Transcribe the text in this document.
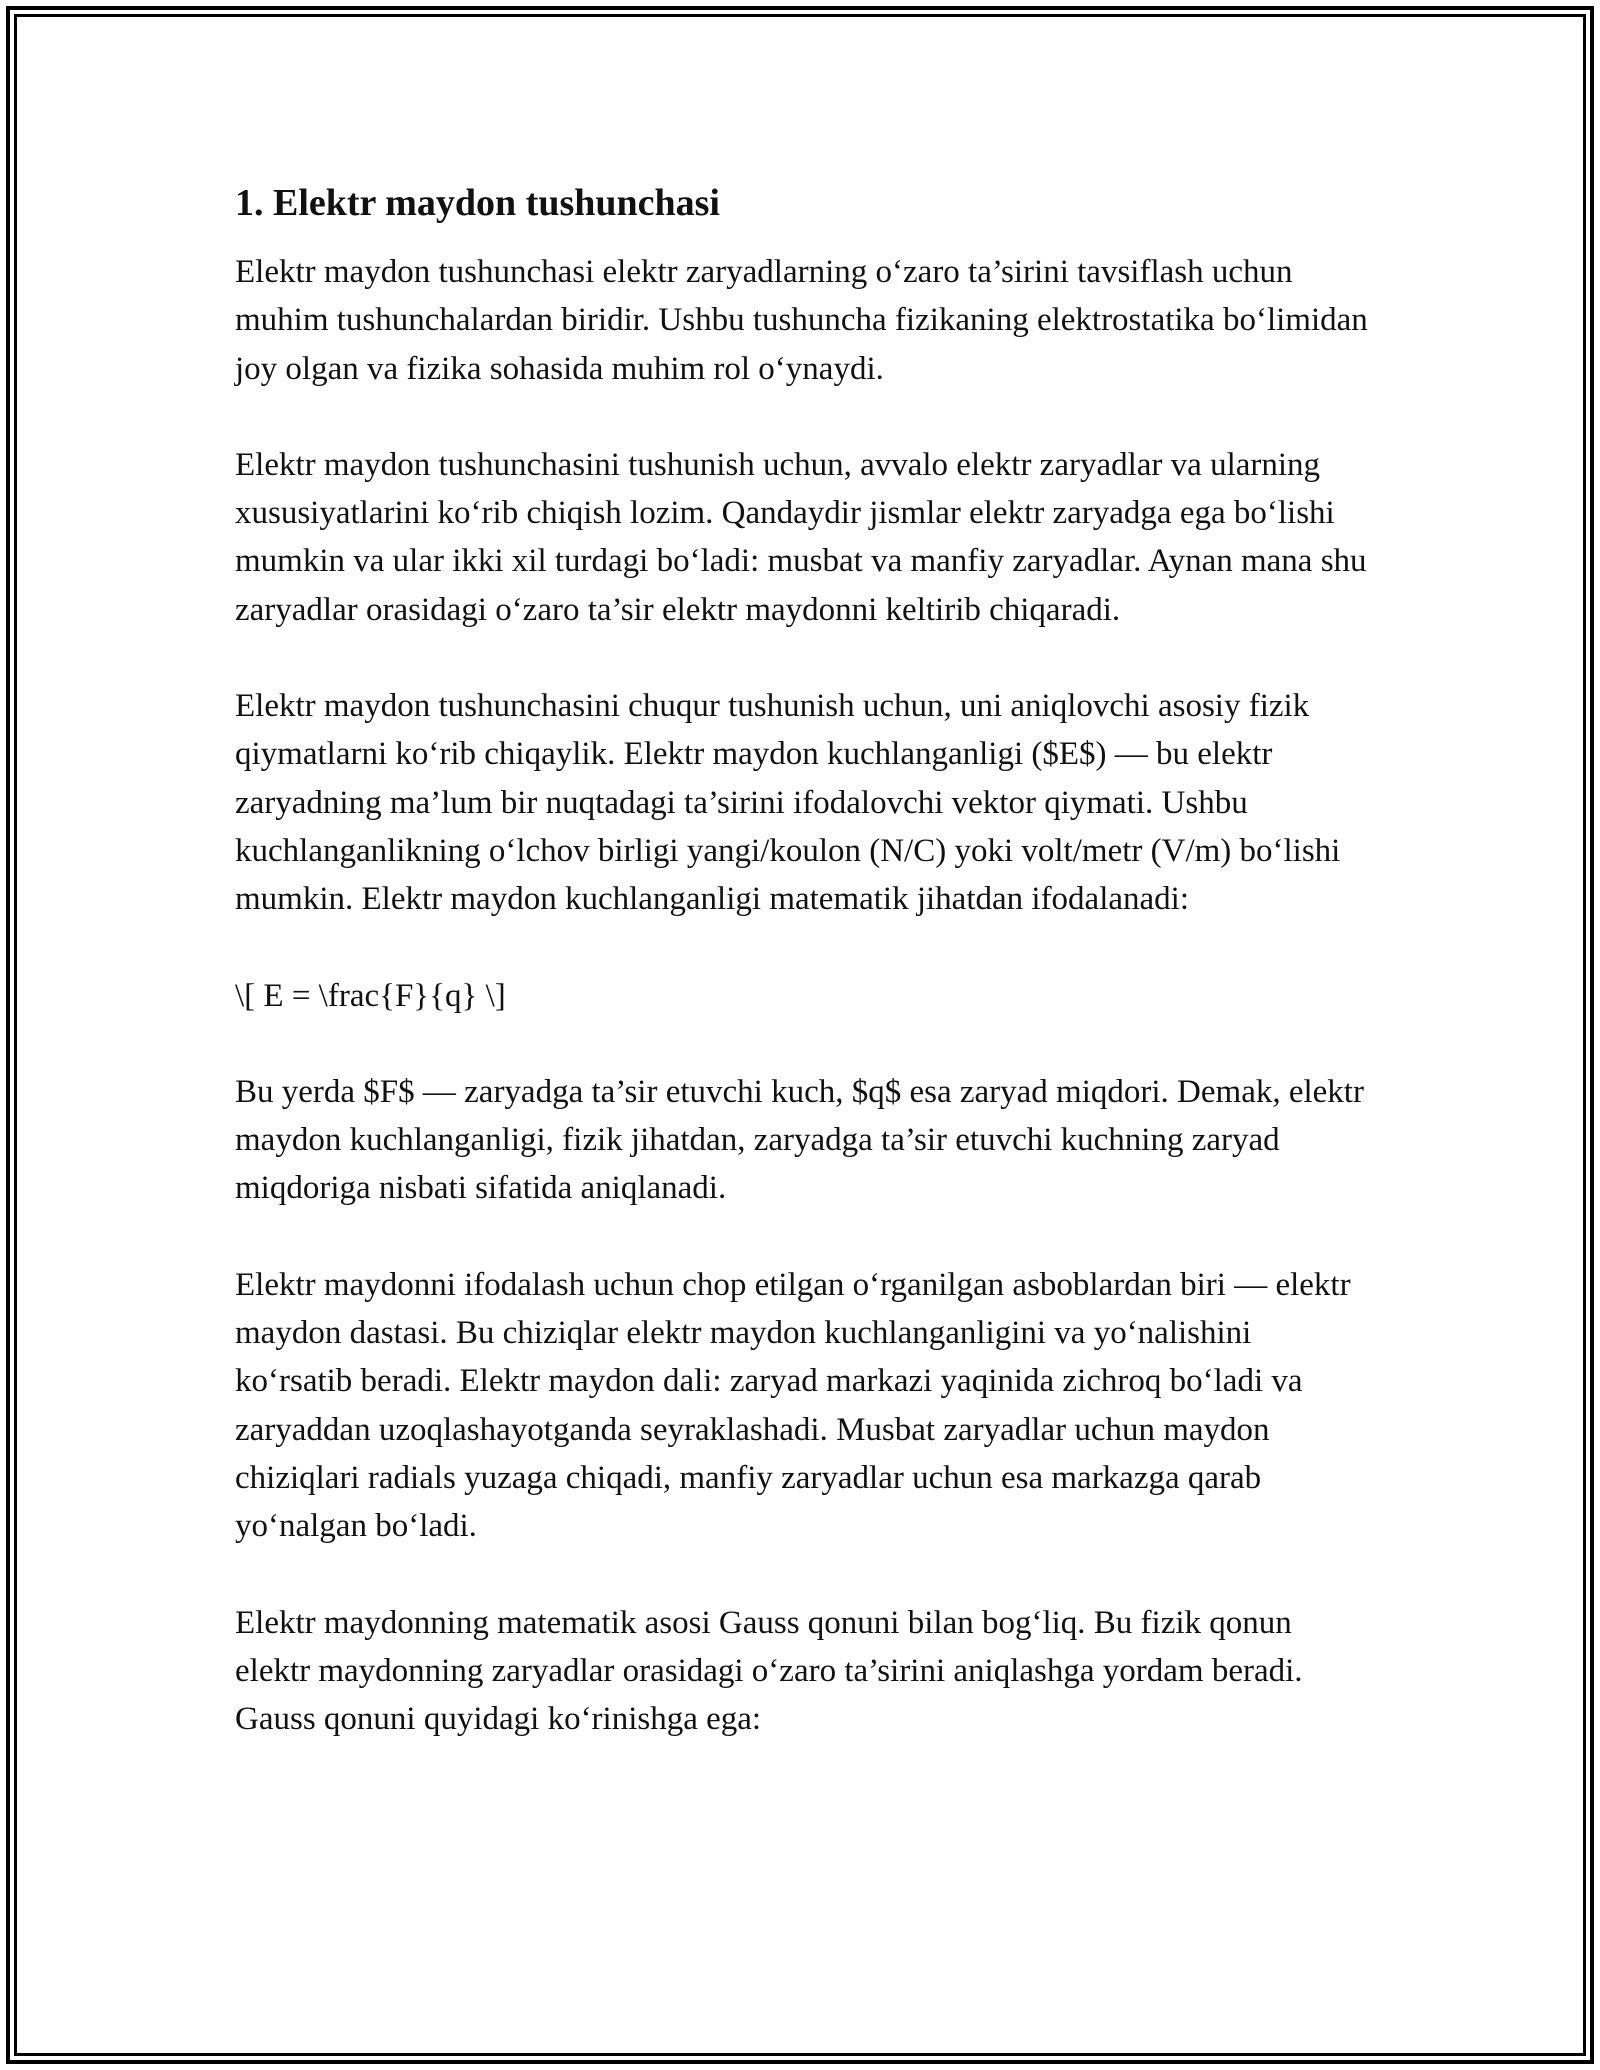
1. Elektr maydon tushunchasi

Elektr maydon tushunchasi elektr zaryadlarning o‘zaro ta’sirini tavsiflash uchun muhim tushunchalardan biridir. Ushbu tushuncha fizikaning elektrostatika bo‘limidan joy olgan va fizika sohasida muhim rol o‘ynaydi.

Elektr maydon tushunchasini tushunish uchun, avvalo elektr zaryadlar va ularning xususiyatlarini ko‘rib chiqish lozim. Qandaydir jismlar elektr zaryadga ega bo‘lishi mumkin va ular ikki xil turdagi bo‘ladi: musbat va manfiy zaryadlar. Aynan mana shu zaryadlar orasidagi o‘zaro ta’sir elektr maydonni keltirib chiqaradi.

Elektr maydon tushunchasini chuqur tushunish uchun, uni aniqlovchi asosiy fizik qiymatlarni ko‘rib chiqaylik. Elektr maydon kuchlanganligi ($E$) — bu elektr zaryadning ma’lum bir nuqtadagi ta’sirini ifodalovchi vektor qiymati. Ushbu kuchlanganlikning o‘lchov birligi yangi/koulon (N/C) yoki volt/metr (V/m) bo‘lishi mumkin. Elektr maydon kuchlanganligi matematik jihatdan ifodalanadi:

\[ E = \frac{F}{q} \]

Bu yerda $F$ — zaryadga ta’sir etuvchi kuch, $q$ esa zaryad miqdori. Demak, elektr maydon kuchlanganligi, fizik jihatdan, zaryadga ta’sir etuvchi kuchning zaryad miqdoriga nisbati sifatida aniqlanadi.

Elektr maydonni ifodalash uchun chop etilgan o‘rganilgan asboblardan biri — elektr maydon dastasi. Bu chiziqlar elektr maydon kuchlanganligini va yo‘nalishini ko‘rsatib beradi. Elektr maydon dali: zaryad markazi yaqinida zichroq bo‘ladi va zaryaddan uzoqlashayotganda seyraklashadi. Musbat zaryadlar uchun maydon chiziqlari radials yuzaga chiqadi, manfiy zaryadlar uchun esa markazga qarab yo‘nalgan bo‘ladi.

Elektr maydonning matematik asosi Gauss qonuni bilan bog‘liq. Bu fizik qonun elektr maydonning zaryadlar orasidagi o‘zaro ta’sirini aniqlashga yordam beradi. Gauss qonuni quyidagi ko‘rinishga ega:
